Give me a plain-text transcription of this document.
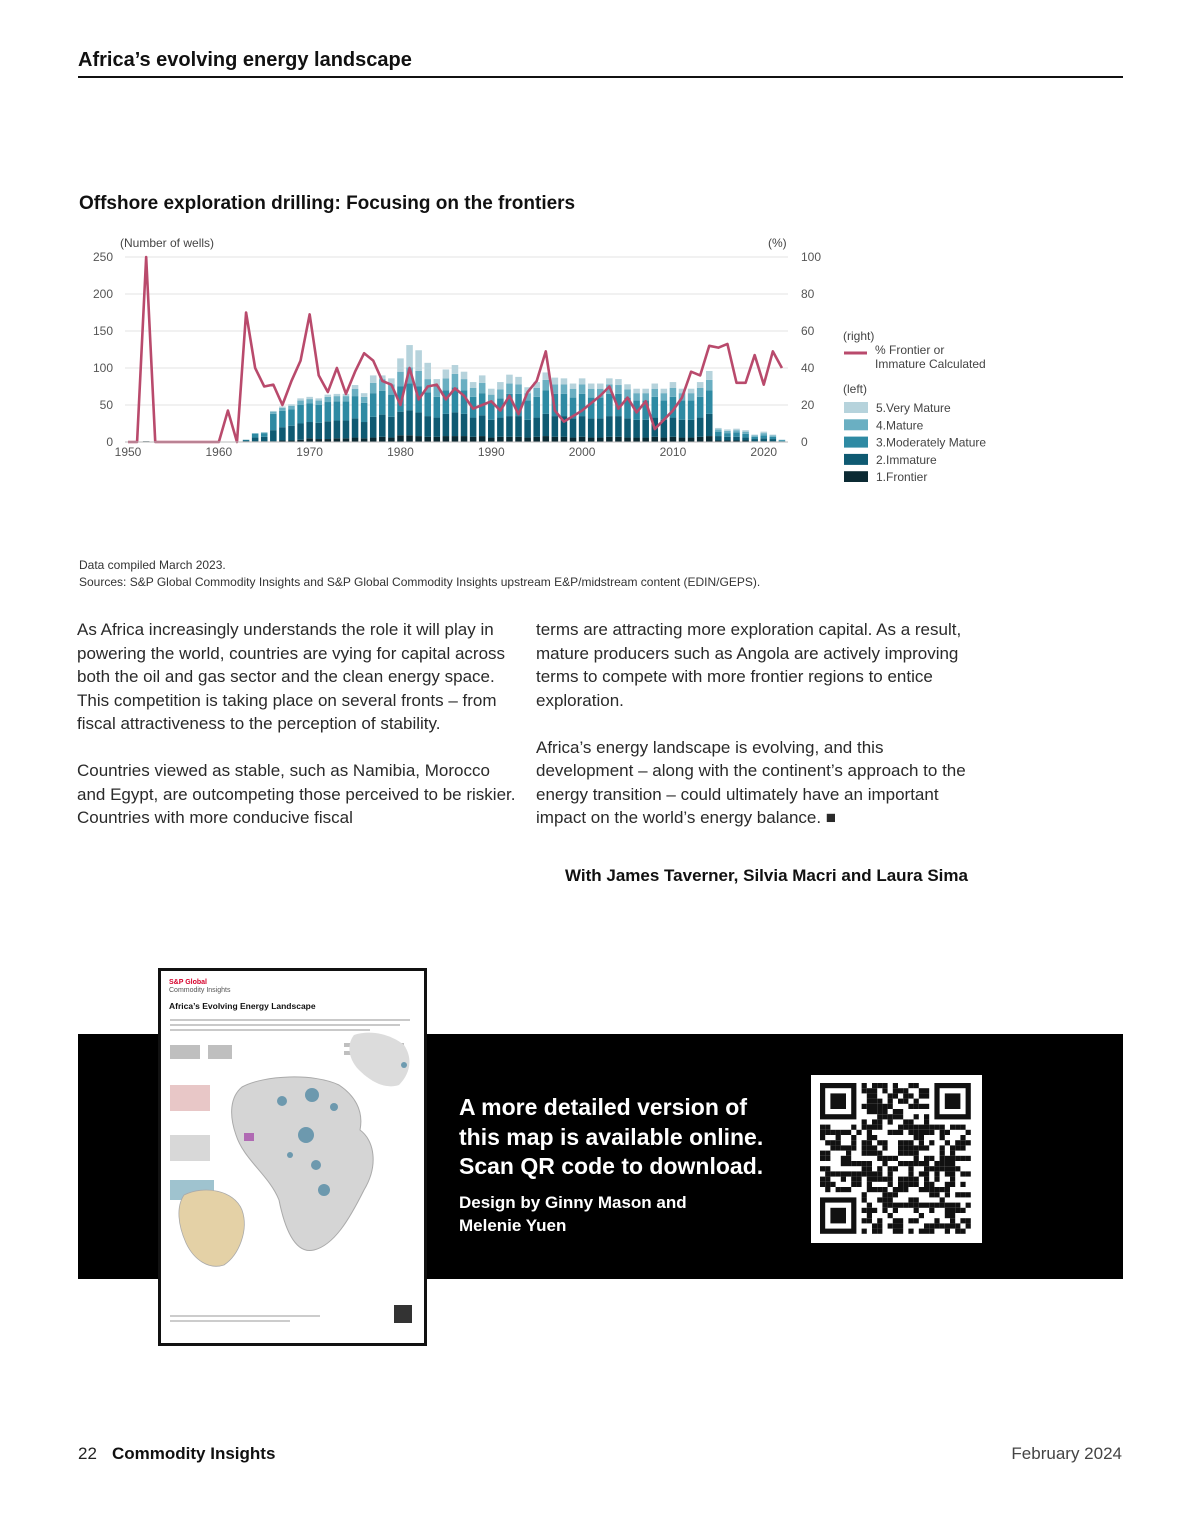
Africa’s evolving energy landscape
Offshore exploration drilling: Focusing on the frontiers
0
50
100
150
200
250
0
20
40
60
80
100
1950	1960	1970	1980	1990	2000	2010	2020
(Number of wells)	(%)
(right)
% Frontier or
Immature Calculated
(left)
5.Very Mature
4.Mature
3.Moderately Mature
2.Immature
1.Frontier
Data compiled March 2023.
Sources: S&P Global Commodity Insights and S&P Global Commodity Insights upstream E&P/midstream content (EDIN/GEPS).

As Africa increasingly understands the role it will play in powering the world, countries are vying for capital across both the oil and gas sector and the clean energy space. This competition is taking place on several fronts – from fiscal attractiveness to the perception of stability.

Countries viewed as stable, such as Namibia, Morocco and Egypt, are outcompeting those perceived to be riskier. Countries with more conducive fiscal

terms are attracting more exploration capital. As a result, mature producers such as Angola are actively improving terms to compete with more frontier regions to entice exploration.

Africa’s energy landscape is evolving, and this development – along with the continent’s approach to the energy transition – could ultimately have an important impact on the world’s energy balance. ■

With James Taverner, Silvia Macri and Laura Sima
S&P Global
Commodity Insights
Africa’s Evolving Energy Landscape
A more detailed version of this map is available online. Scan QR code to download.
Design by Ginny Mason and Melenie Yuen
22 Commodity Insights	February 2024
